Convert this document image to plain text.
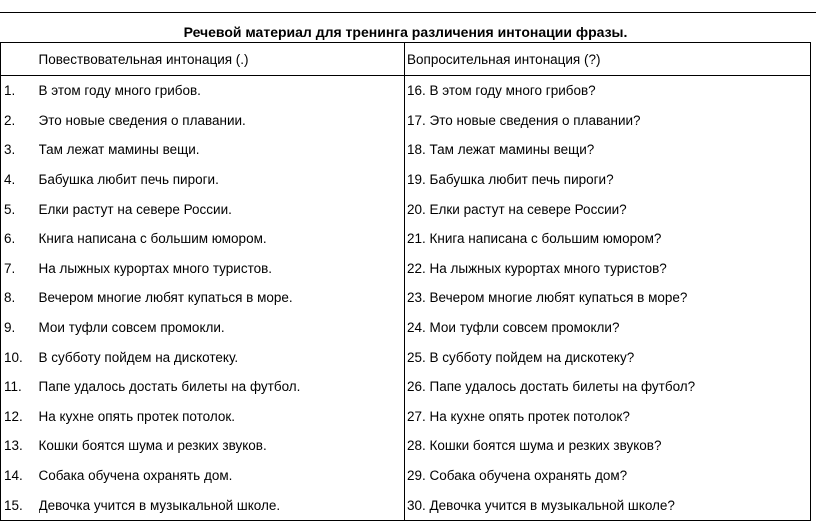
Речевой материал для тренинга различения интонации фразы.		
	Повествовательная интонация (.)	Вопросительная интонация (?)
1.	В этом году много грибов.	16. В этом году много грибов?
2.	Это новые сведения о плавании.	17. Это новые сведения о плавании?
3.	Там лежат мамины вещи.	18. Там лежат мамины вещи?
4.	Бабушка любит печь пироги.	19. Бабушка любит печь пироги?
5.	Елки растут на севере России.	20. Елки растут на севере России?
6.	Книга написана с большим юмором.	21. Книга написана с большим юмором?
7.	На лыжных курортах много туристов.	22. На лыжных курортах много туристов?
8.	Вечером многие любят купаться в море.	23. Вечером многие любят купаться в море?
9.	Мои туфли совсем промокли.	24. Мои туфли совсем промокли?
10.	В субботу пойдем на дискотеку.	25. В субботу пойдем на дискотеку?
11.	Папе удалось достать билеты на футбол.	26. Папе удалось достать билеты на футбол?
12.	На кухне опять протек потолок.	27. На кухне опять протек потолок?
13.	Кошки боятся шума и резких звуков.	28. Кошки боятся шума и резких звуков?
14.	Собака обучена охранять дом.	29. Собака обучена охранять дом?
15.	Девочка учится в музыкальной школе.	30. Девочка учится в музыкальной школе?
